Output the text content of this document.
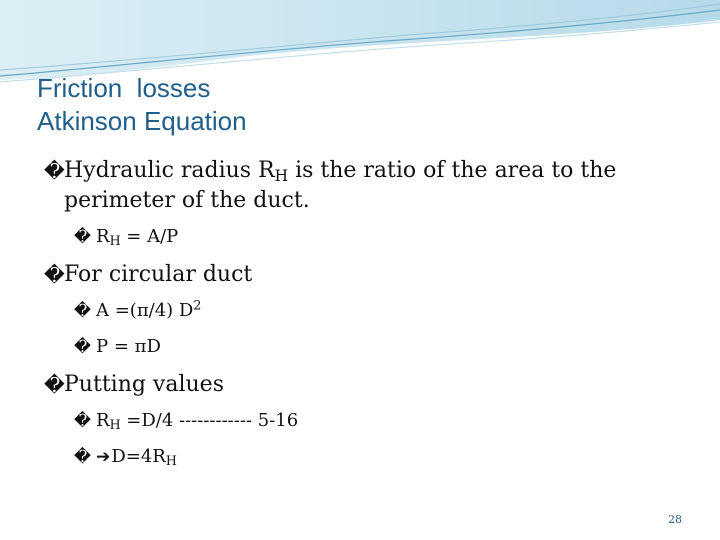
Friction  losses
Atkinson Equation
� Hydraulic radius $R_H$ is the ratio of the area to the
perimeter of the duct.
� $R_H = A/P$
� For circular duct
� A =(π/4) $D^2$
� P = πD
� Putting values
� $R_H =D/4$ ------------ 5-16
� $➔D=4R_H$
28
